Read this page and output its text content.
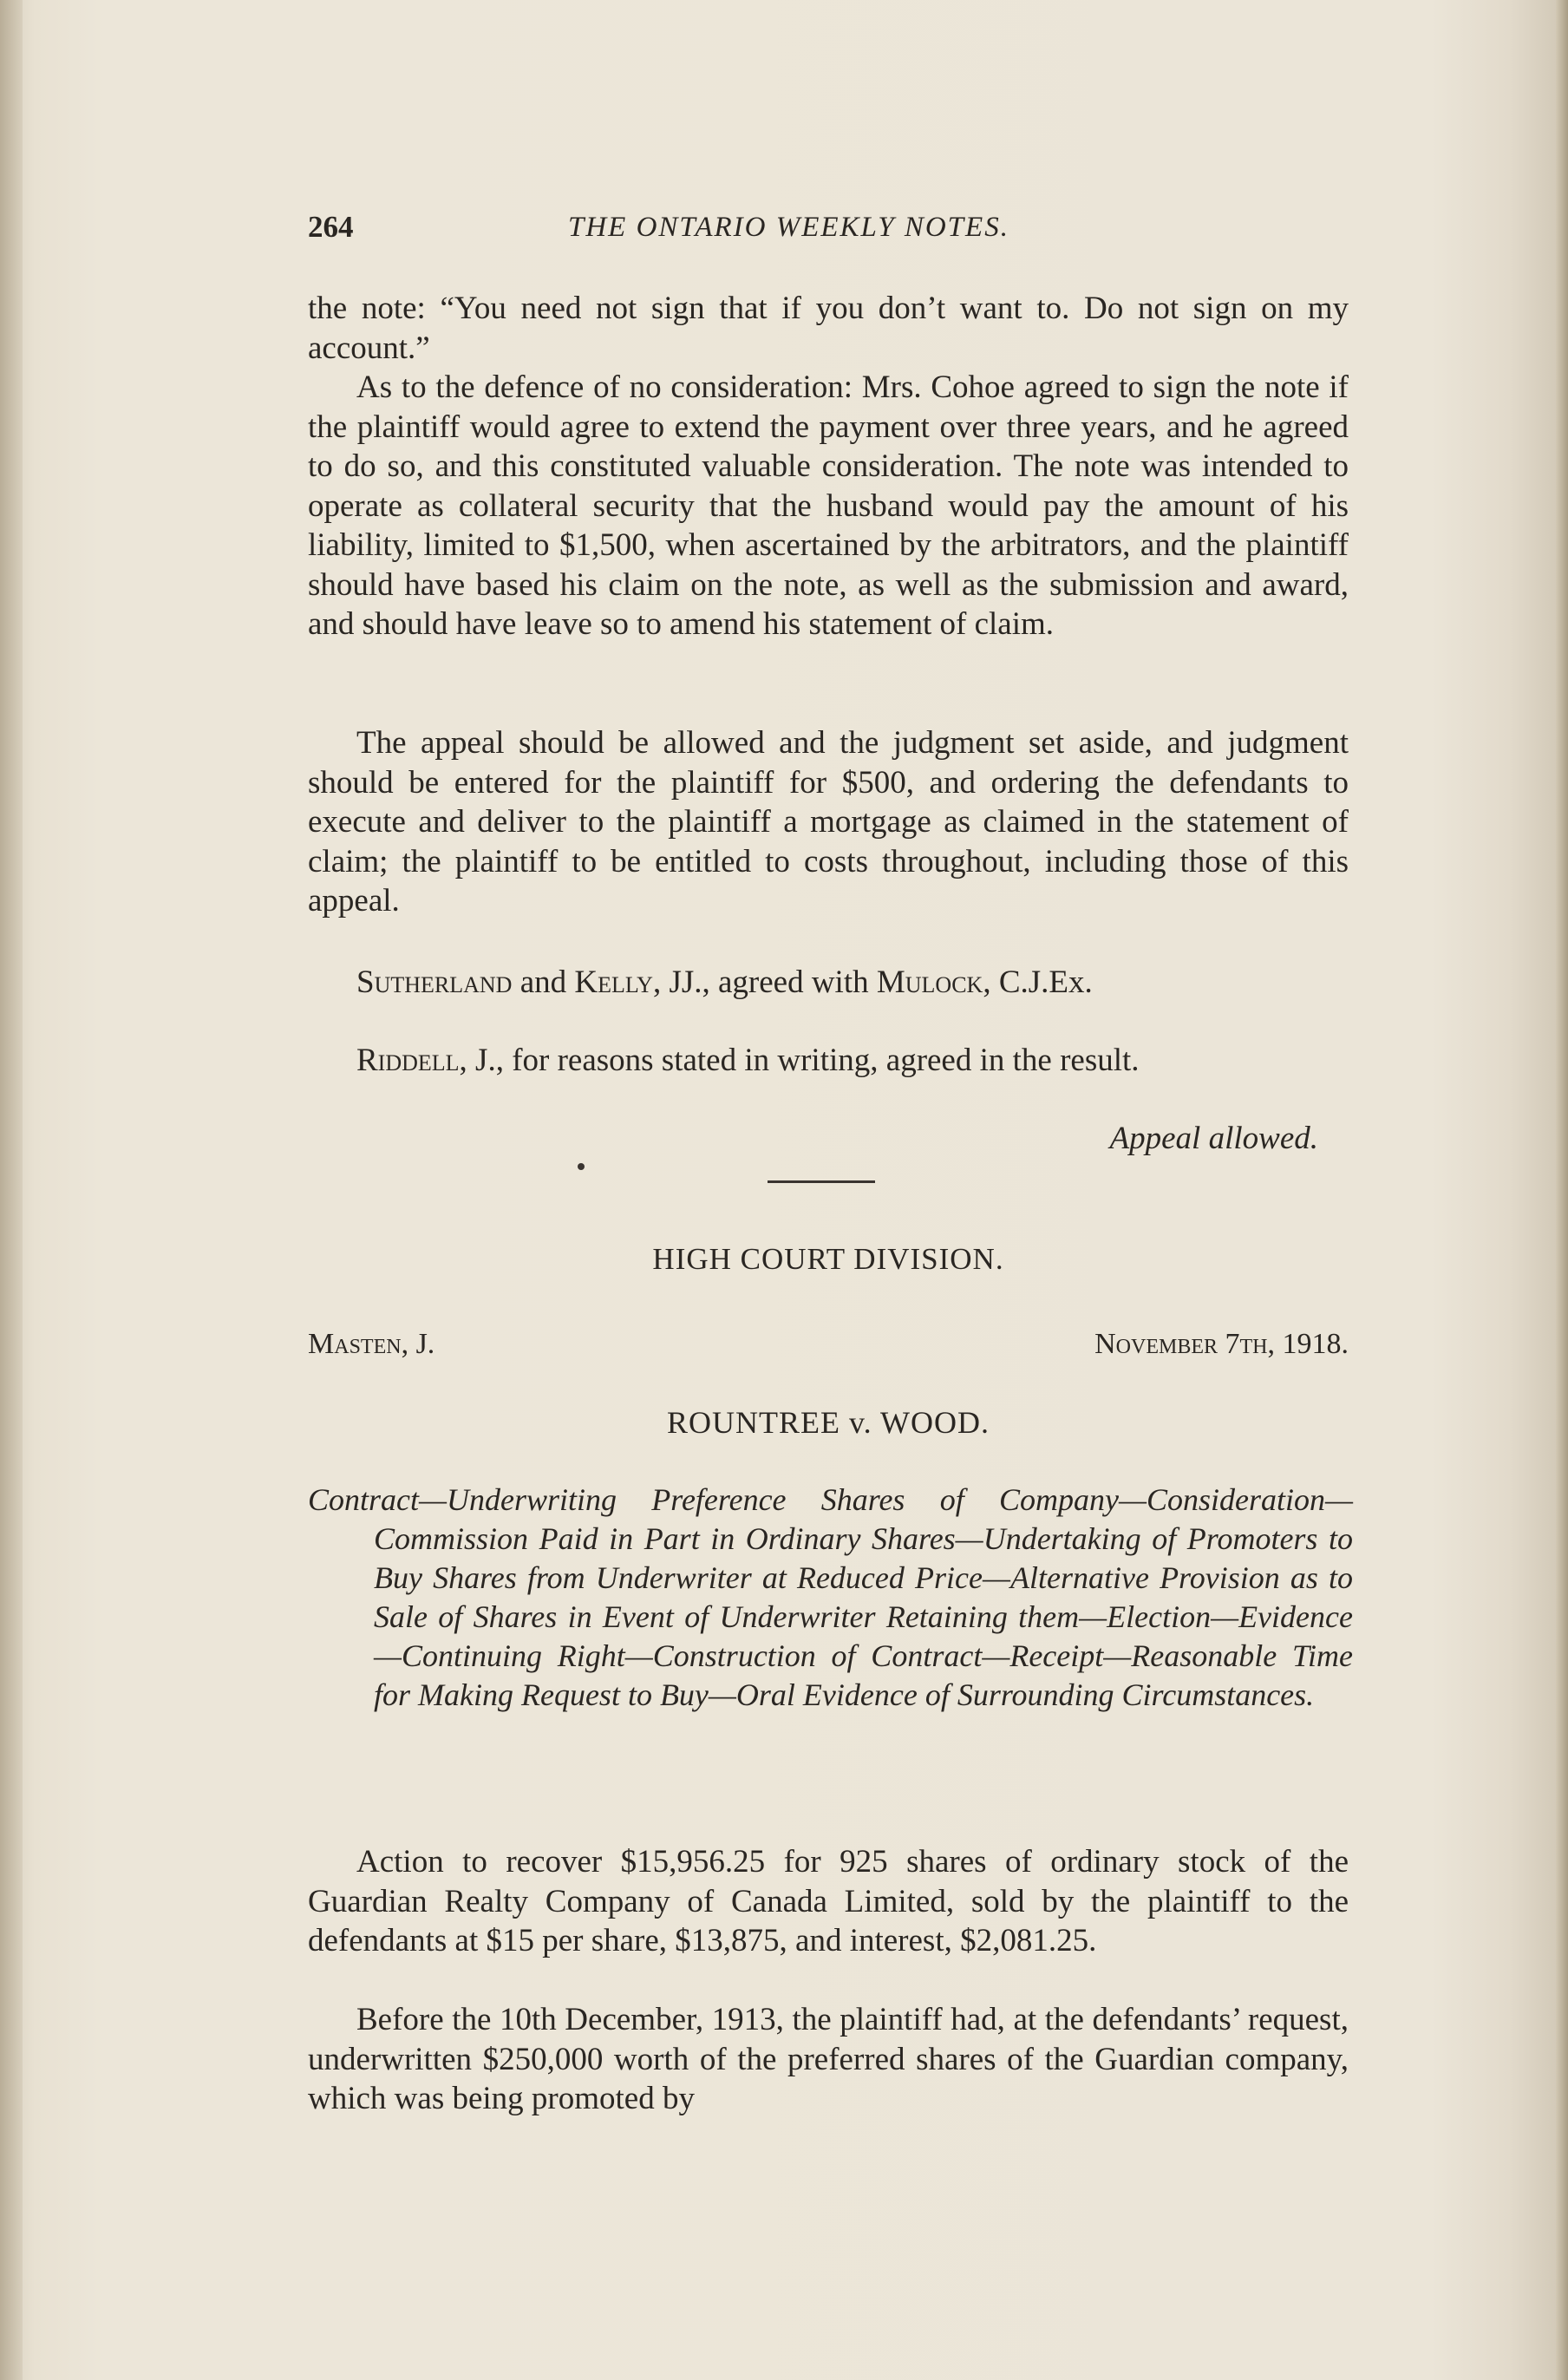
264	THE ONTARIO WEEKLY NOTES.

the note: “You need not sign that if you don’t want to. Do not sign on my account.”

As to the defence of no consideration: Mrs. Cohoe agreed to sign the note if the plaintiff would agree to extend the payment over three years, and he agreed to do so, and this constituted valuable consideration. The note was intended to operate as collateral security that the husband would pay the amount of his liability, limited to $1,500, when ascertained by the arbitrators, and the plaintiff should have based his claim on the note, as well as the submission and award, and should have leave so to amend his statement of claim.

The appeal should be allowed and the judgment set aside, and judgment should be entered for the plaintiff for $500, and ordering the defendants to execute and deliver to the plaintiff a mortgage as claimed in the statement of claim; the plaintiff to be entitled to costs throughout, including those of this appeal.

Sutherland and Kelly, JJ., agreed with Mulock, C.J.Ex.

Riddell, J., for reasons stated in writing, agreed in the result.

Appeal allowed.

HIGH COURT DIVISION.
Masten, J.	November 7th, 1918.
ROUNTREE v. WOOD.
Contract—Underwriting Preference Shares of Company—Consideration—Commission Paid in Part in Ordinary Shares—Undertaking of Promoters to Buy Shares from Underwriter at Reduced Price—Alternative Provision as to Sale of Shares in Event of Underwriter Retaining them—Election—Evidence—Continuing Right—Construction of Contract—Receipt—Reasonable Time for Making Request to Buy—Oral Evidence of Surrounding Circumstances.

Action to recover $15,956.25 for 925 shares of ordinary stock of the Guardian Realty Company of Canada Limited, sold by the plaintiff to the defendants at $15 per share, $13,875, and interest, $2,081.25.

Before the 10th December, 1913, the plaintiff had, at the defendants’ request, underwritten $250,000 worth of the preferred shares of the Guardian company, which was being promoted by
